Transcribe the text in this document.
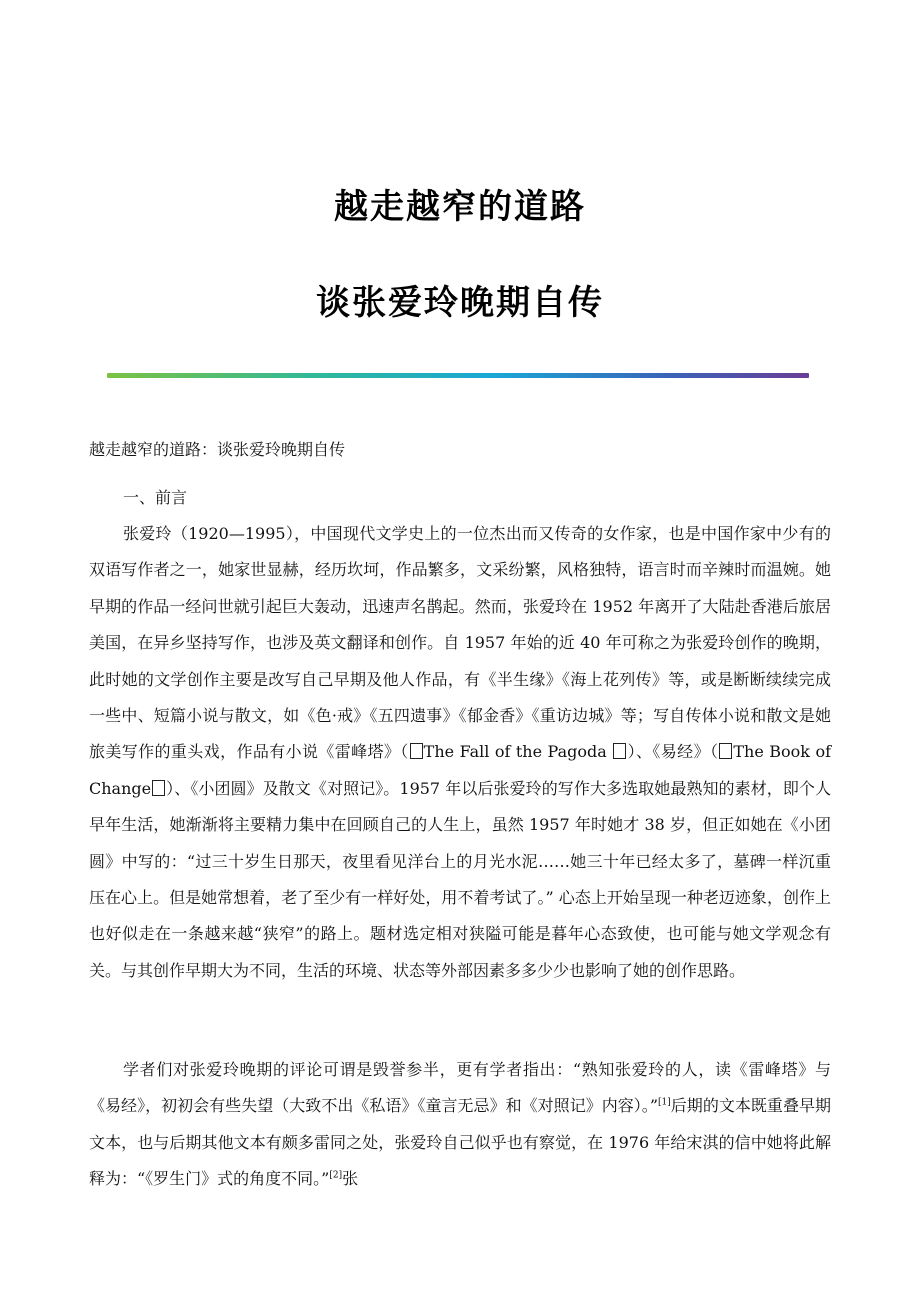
越走越窄的道路
谈张爱玲晚期自传

越走越窄的道路：谈张爱玲晚期自传

一、前言

张爱玲（1920—1995），中国现代文学史上的一位杰出而又传奇的女作家，也是中国作家中少有的双语写作者之一，她家世显赫，经历坎坷，作品繁多，文采纷繁，风格独特，语言时而辛辣时而温婉。她早期的作品一经问世就引起巨大轰动，迅速声名鹊起。然而，张爱玲在 1952 年离开了大陆赴香港后旅居美国，在异乡坚持写作，也涉及英文翻译和创作。自 1957 年始的近 40 年可称之为张爱玲创作的晚期，此时她的文学创作主要是改写自己早期及他人作品，有《半生缘》《海上花列传》等，或是断断续续完成一些中、短篇小说与散文，如《色·戒》《五四遗事》《郁金香》《重访边城》等；写自传体小说和散文是她旅美写作的重头戏，作品有小说《雷峰塔》（ The Fall of the Pagoda ）、《易经》（ The Book of Change ）、《小团圆》及散文《对照记》。1957 年以后张爱玲的写作大多选取她最熟知的素材，即个人早年生活，她渐渐将主要精力集中在回顾自己的人生上，虽然 1957 年时她才 38 岁，但正如她在《小团圆》中写的：“过三十岁生日那天，夜里看见洋台上的月光水泥……她三十年已经太多了，墓碑一样沉重压在心上。但是她常想着，老了至少有一样好处，用不着考试了。” 心态上开始呈现一种老迈迹象，创作上也好似走在一条越来越“狭窄”的路上。题材选定相对狭隘可能是暮年心态致使，也可能与她文学观念有关。与其创作早期大为不同，生活的环境、状态等外部因素多多少少也影响了她的创作思路。

学者们对张爱玲晚期的评论可谓是毁誉参半，更有学者指出：“熟知张爱玲的人，读《雷峰塔》与《易经》，初初会有些失望（大致不出《私语》《童言无忌》和《对照记》内容）。”[1]后期的文本既重叠早期文本，也与后期其他文本有颇多雷同之处，张爱玲自己似乎也有察觉，在 1976 年给宋淇的信中她将此解释为：“《罗生门》式的角度不同。”[2]张
